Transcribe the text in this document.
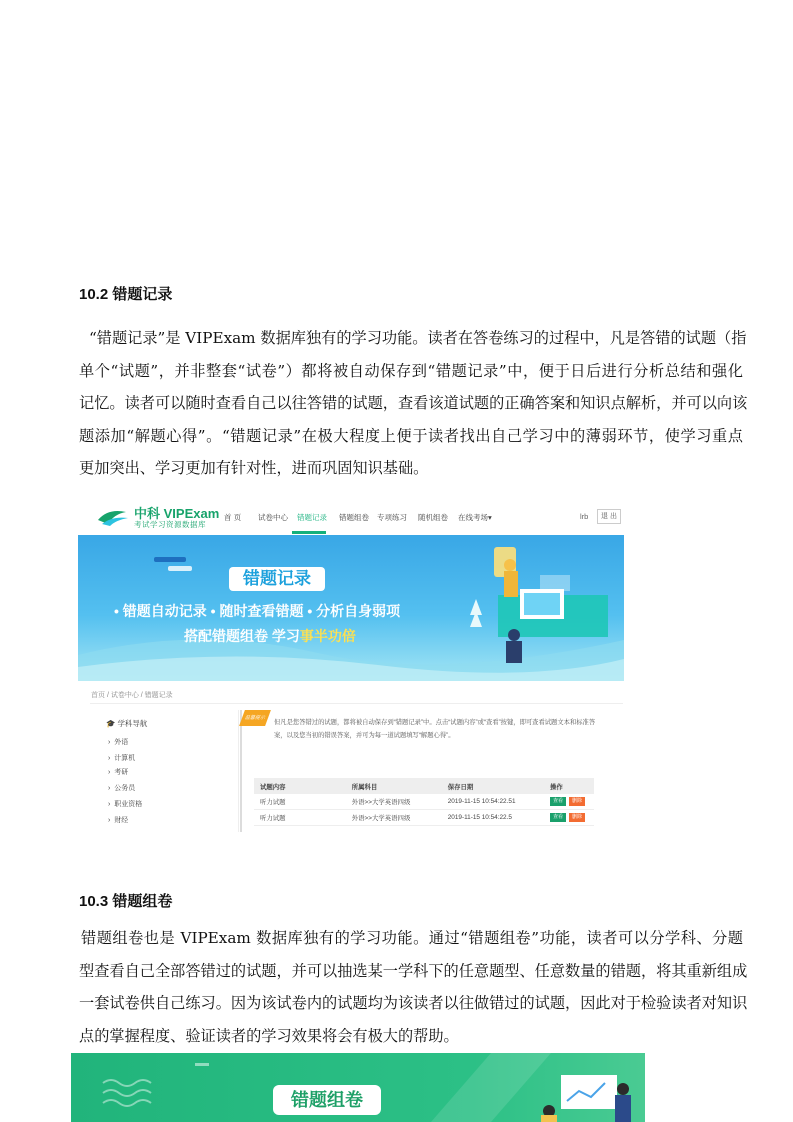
10.2 错题记录
“错题记录”是 VIPExam 数据库独有的学习功能。读者在答卷练习的过程中，凡是答错的试题（指
单个“试题”，并非整套“试卷”）都将被自动保存到“错题记录”中，便于日后进行分析总结和强化
记忆。读者可以随时查看自己以往答错的试题，查看该道试题的正确答案和知识点解析，并可以向该
题添加“解题心得”。“错题记录”在极大程度上便于读者找出自己学习中的薄弱环节，使学习重点
更加突出、学习更加有针对性，进而巩固知识基础。
中科 VIPExam
考试学习资源数据库
首 页 试卷中心 错题记录 错题组卷 专项练习 随机组卷 在线考场▾	lrb	退 出
错题记录
• 错题自动记录 • 随时查看错题 • 分析自身弱项
搭配错题组卷 学习事半功倍
首页 / 试卷中心 / 错题记录
🎓 学科导航
›  外语
›  计算机
›  考研
›  公务员
›  职业资格
›  财经
温馨提示
但凡是您答错过的试题，都将被自动保存到“错题记录”中。点击“试题内容”或“查看”按键，即可查看试题文本和标准答案，以及您当初的错误答案，并可为每一道试题填写“解题心得”。
试题内容	所属科目	保存日期	操作
听力试题	外语>>大学英语四级	2019-11-15 10:54:22.51	查看 删除
听力试题	外语>>大学英语四级	2019-11-15 10:54:22.5	查看 删除
10.3 错题组卷
错题组卷也是 VIPExam 数据库独有的学习功能。通过“错题组卷”功能，读者可以分学科、分题
型查看自己全部答错过的试题，并可以抽选某一学科下的任意题型、任意数量的错题，将其重新组成
一套试卷供自己练习。因为该试卷内的试题均为该读者以往做错过的试题，因此对于检验读者对知识
点的掌握程度、验证读者的学习效果将会有极大的帮助。
错题组卷
